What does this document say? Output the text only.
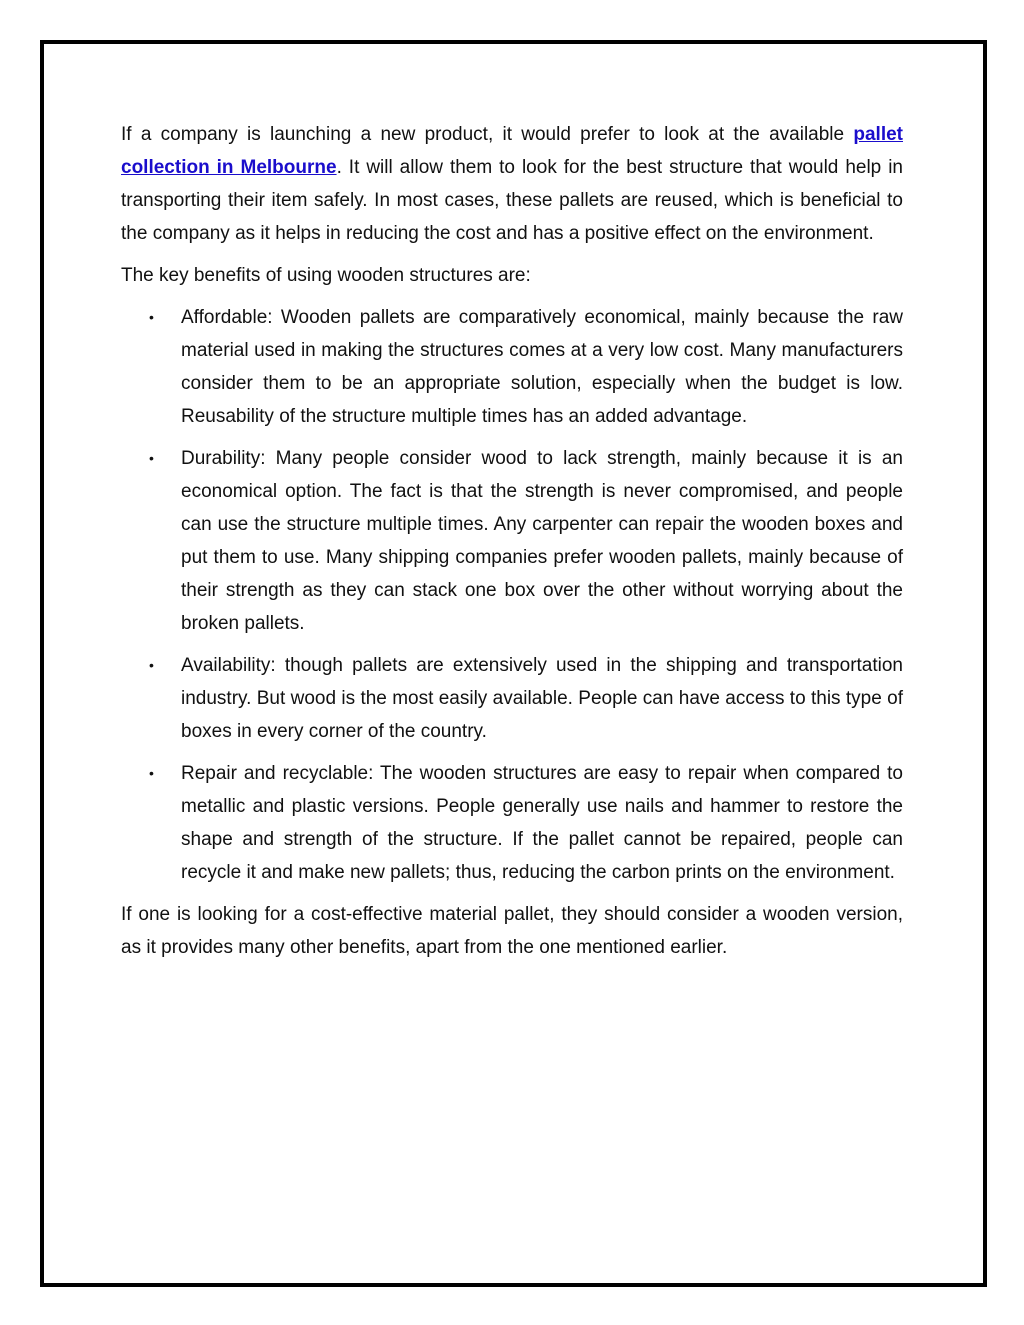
If a company is launching a new product, it would prefer to look at the available pallet collection in Melbourne. It will allow them to look for the best structure that would help in transporting their item safely. In most cases, these pallets are reused, which is beneficial to the company as it helps in reducing the cost and has a positive effect on the environment.

The key benefits of using wooden structures are:

• Affordable: Wooden pallets are comparatively economical, mainly because the raw material used in making the structures comes at a very low cost. Many manufacturers consider them to be an appropriate solution, especially when the budget is low. Reusability of the structure multiple times has an added advantage.
• Durability: Many people consider wood to lack strength, mainly because it is an economical option. The fact is that the strength is never compromised, and people can use the structure multiple times. Any carpenter can repair the wooden boxes and put them to use. Many shipping companies prefer wooden pallets, mainly because of their strength as they can stack one box over the other without worrying about the broken pallets.
• Availability: though pallets are extensively used in the shipping and transportation industry. But wood is the most easily available. People can have access to this type of boxes in every corner of the country.
• Repair and recyclable: The wooden structures are easy to repair when compared to metallic and plastic versions. People generally use nails and hammer to restore the shape and strength of the structure. If the pallet cannot be repaired, people can recycle it and make new pallets; thus, reducing the carbon prints on the environment.

If one is looking for a cost-effective material pallet, they should consider a wooden version, as it provides many other benefits, apart from the one mentioned earlier.
